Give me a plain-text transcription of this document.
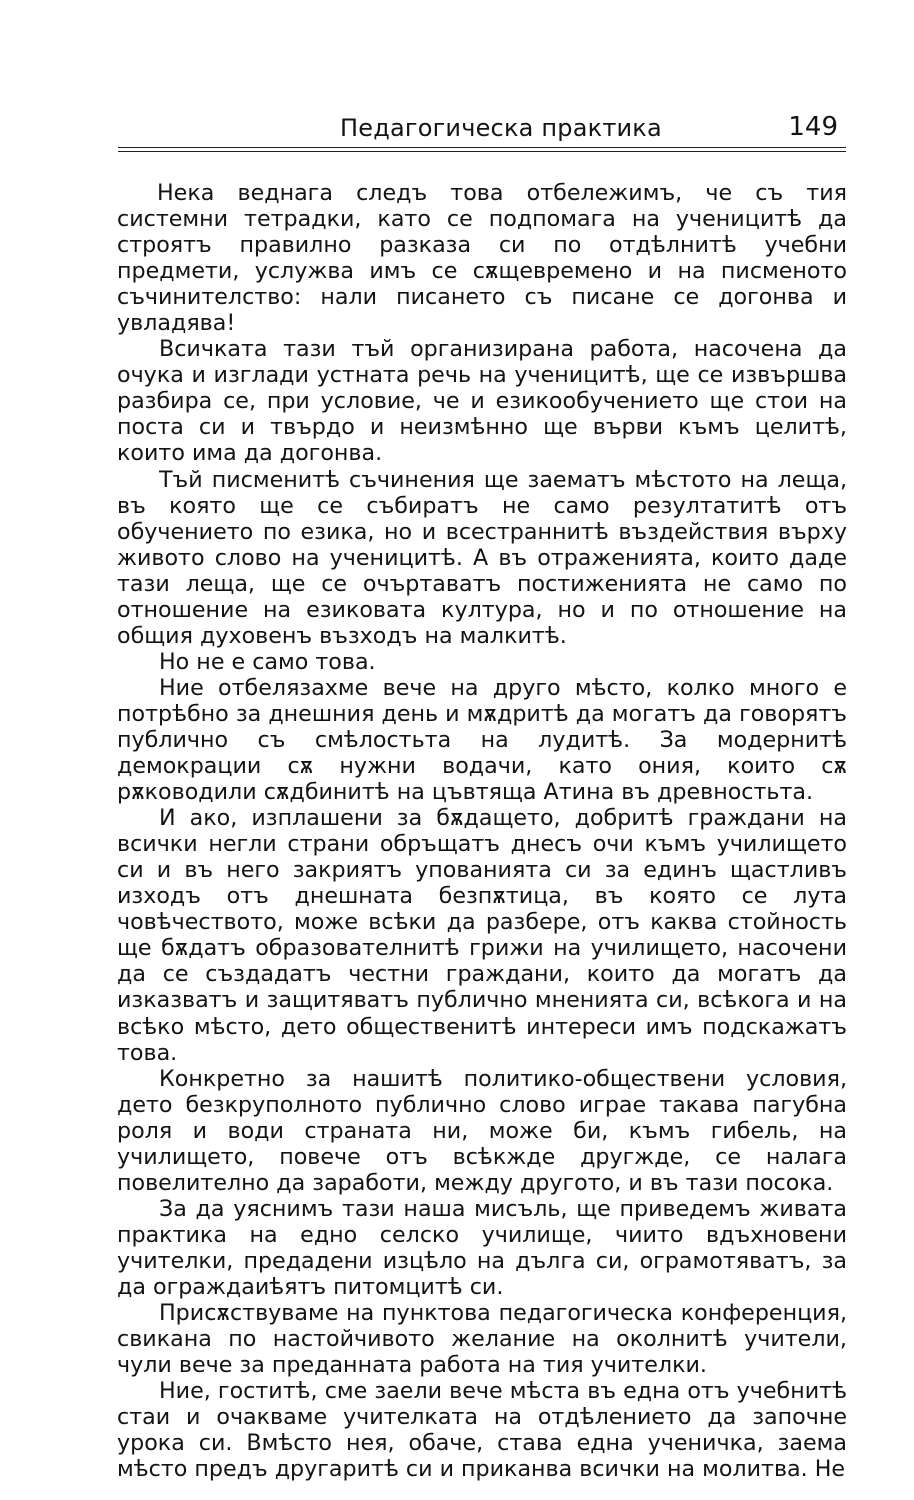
Педагогическа практика	149

Нека веднага следъ това отбележимъ, че съ тия системни тетрадки, като се подпомага на ученицитѣ да строятъ правилно разказа си по отдѣлнитѣ учебни предмети, услужва имъ се сѫщевремено и на писменото съчинителство: нали писането съ писане се догонва и увладява!

Всичката тази тъй организирана работа, насочена да очука и изглади устната речь на ученицитѣ, ще се извършва разбира се, при условие, че и езикообучението ще стои на поста си и твърдо и неизмѣнно ще върви къмъ целитѣ, които има да догонва.

Тъй писменитѣ съчинения ще заематъ мѣстото на леща, въ която ще се събиратъ не само резултатитѣ отъ обучението по езика, но и всестраннитѣ въздействия върху живото слово на ученицитѣ. А въ отраженията, които даде тази леща, ще се очъртаватъ постиженията не само по отношение на езиковата култура, но и по отношение на общия духовенъ възходъ на малкитѣ.

Но не е само това.

Ние отбелязахме вече на друго мѣсто, колко много е потрѣбно за днешния день и мѫдритѣ да могатъ да говорятъ публично съ смѣлостьта на лудитѣ. За модернитѣ демокрации сѫ нужни водачи, като ония, които сѫ рѫководили сѫдбинитѣ на цъвтяща Атина въ древностьта.

И ако, изплашени за бѫдащето, добритѣ граждани на всички негли страни обръщатъ днесъ очи къмъ училището си и въ него закриятъ упованията си за единъ щастливъ изходъ отъ днешната безпѫтица, въ която се лута човѣчеството, може всѣки да разбере, отъ каква стойность ще бѫдатъ образователнитѣ грижи на училището, насочени да се създадатъ честни граждани, които да могатъ да изказватъ и защитяватъ публично мненията си, всѣкога и на всѣко мѣсто, дето общественитѣ интереси имъ подскажатъ това.

Конкретно за нашитѣ политико-обществени условия, дето безкруполното публично слово играе такава пагубна роля и води страната ни, може би, къмъ гибель, на училището, повече отъ всѣкжде другжде, се налага повелително да заработи, между другото, и въ тази посока.

За да уяснимъ тази наша мисъль, ще приведемъ живата практика на едно селско училище, чиито вдъхновени учителки, предадени изцѣло на дълга си, ограмотяватъ, за да ограждаиѣятъ питомцитѣ си.

Присѫствуваме на пунктова педагогическа конференция, свикана по настойчивото желание на околнитѣ учители, чули вече за преданната работа на тия учителки.

Ние, гоститѣ, сме заели вече мѣста въ една отъ учебнитѣ стаи и очакваме учителката на отдѣлението да започне урока си. Вмѣсто нея, обаче, става една ученичка, заема мѣсто предъ другаритѣ си и приканва всички на молитва. Не
